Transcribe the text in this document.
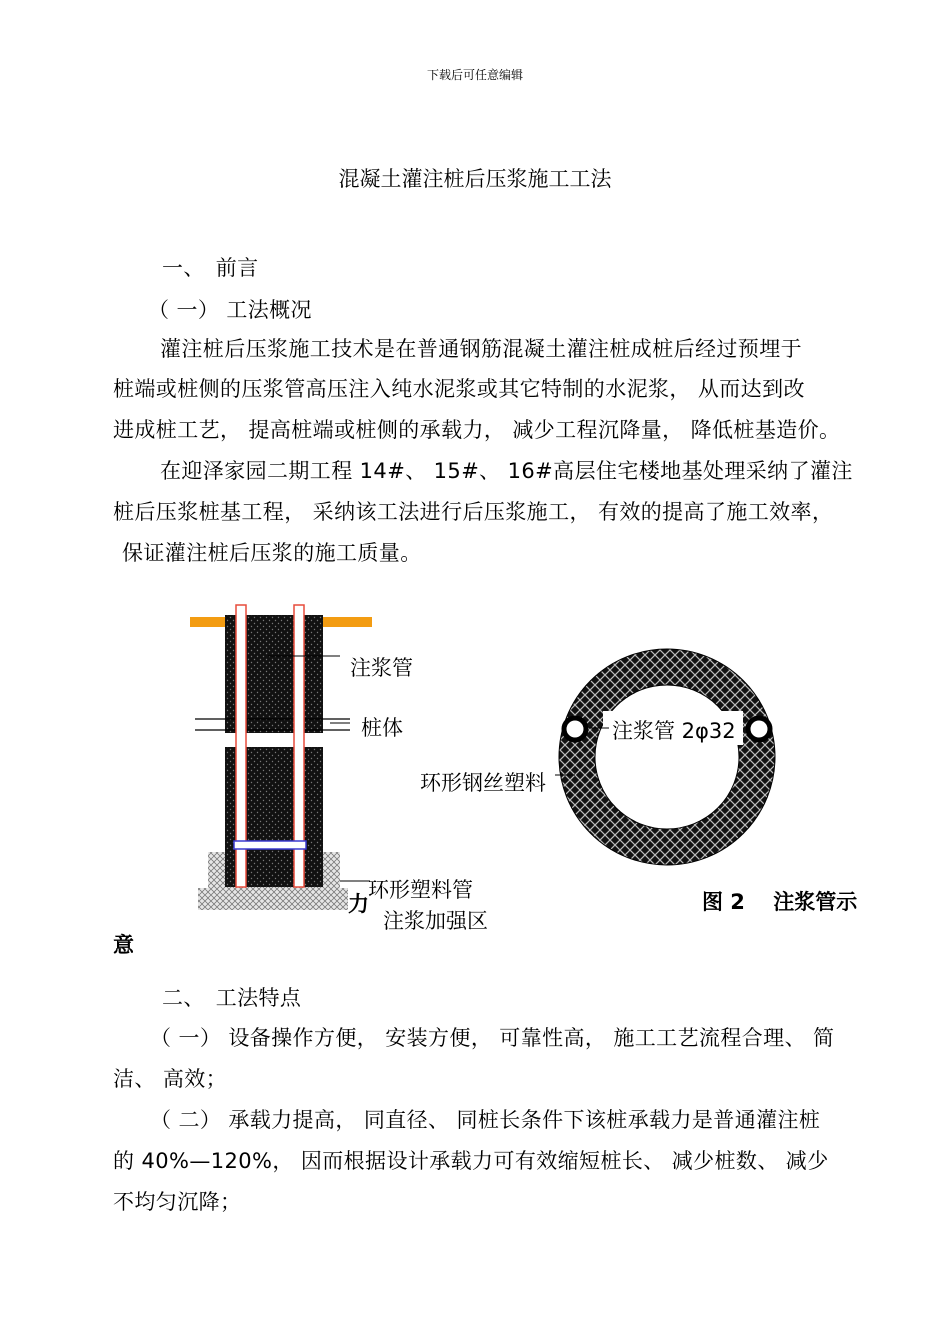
下载后可任意编辑
混凝土灌注桩后压浆施工工法
一、　前言
（ 一） 工法概况
灌注桩后压浆施工技术是在普通钢筋混凝土灌注桩成桩后经过预埋于
桩端或桩侧的压浆管高压注入纯水泥浆或其它特制的水泥浆， 从而达到改
进成桩工艺， 提高桩端或桩侧的承载力， 减少工程沉降量， 降低桩基造价。
在迎泽家园二期工程 14#、 15#、 16#高层住宅楼地基处理采纳了灌注
桩后压浆桩基工程， 采纳该工法进行后压浆施工， 有效的提高了施工效率，
保证灌注桩后压浆的施工质量。
注浆管
桩体
环形塑料管
注浆加强区
力
注浆管 2φ32
环形钢丝塑料
图 2　 注浆管示
意
二、　工法特点
（ 一） 设备操作方便， 安装方便， 可靠性高， 施工工艺流程合理、 简
洁、 高效；
（ 二） 承载力提高， 同直径、 同桩长条件下该桩承载力是普通灌注桩
的 40%—120%， 因而根据设计承载力可有效缩短桩长、 减少桩数、 减少
不均匀沉降；
